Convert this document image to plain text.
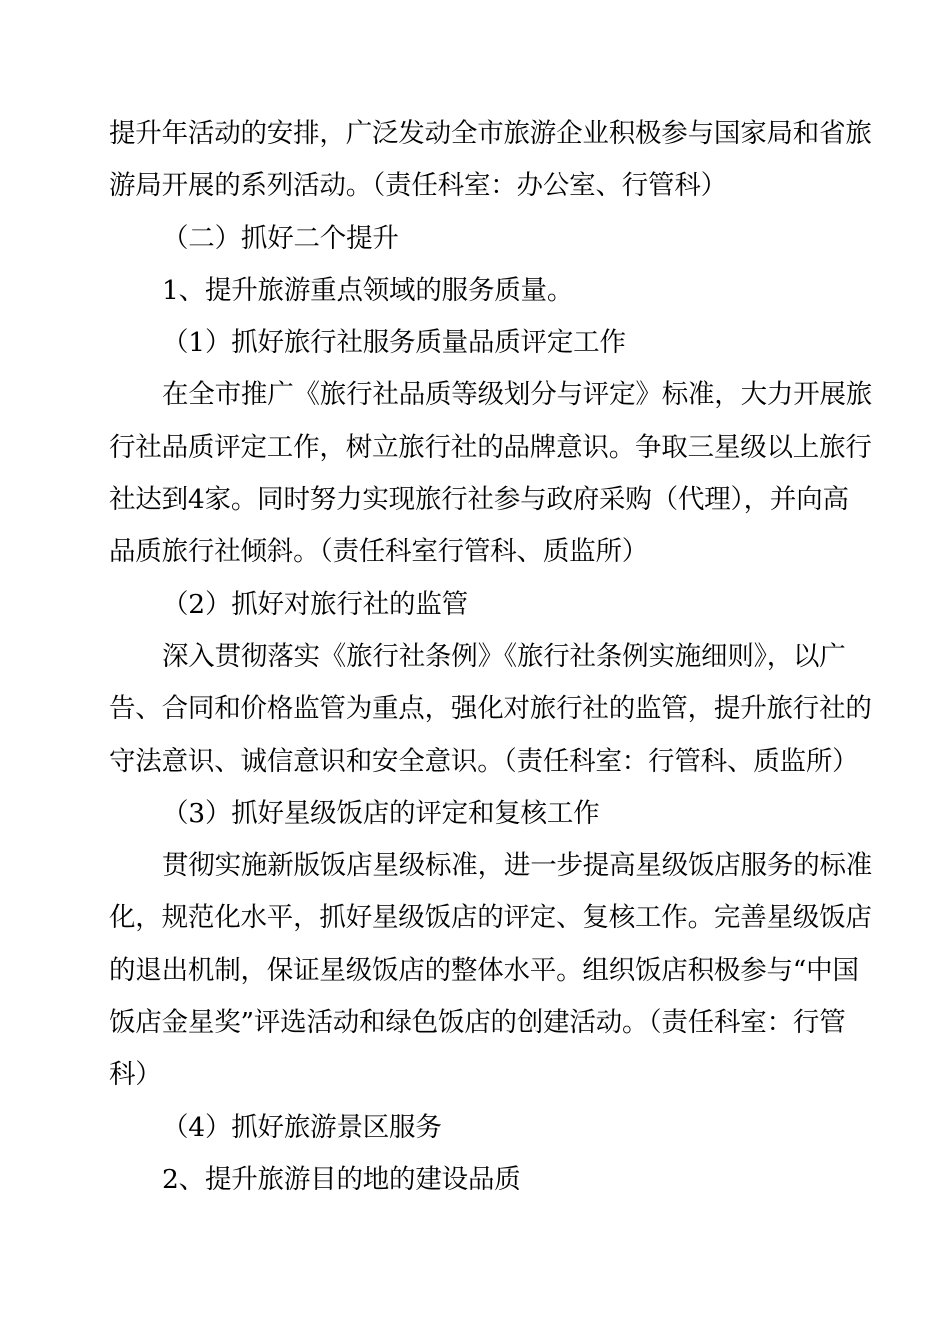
提升年活动的安排，广泛发动全市旅游企业积极参与国家局和省旅
游局开展的系列活动。（责任科室：办公室、行管科）
（二）抓好二个提升
1、提升旅游重点领域的服务质量。
（1）抓好旅行社服务质量品质评定工作
在全市推广《旅行社品质等级划分与评定》标准，大力开展旅
行社品质评定工作，树立旅行社的品牌意识。争取三星级以上旅行
社达到4家。同时努力实现旅行社参与政府采购（代理），并向高
品质旅行社倾斜。（责任科室行管科、质监所）
（2）抓好对旅行社的监管
深入贯彻落实《旅行社条例》《旅行社条例实施细则》，以广
告、合同和价格监管为重点，强化对旅行社的监管，提升旅行社的
守法意识、诚信意识和安全意识。（责任科室：行管科、质监所）
（3）抓好星级饭店的评定和复核工作
贯彻实施新版饭店星级标准，进一步提高星级饭店服务的标准
化，规范化水平，抓好星级饭店的评定、复核工作。完善星级饭店
的退出机制，保证星级饭店的整体水平。组织饭店积极参与“中国
饭店金星奖”评选活动和绿色饭店的创建活动。（责任科室：行管
科）
（4）抓好旅游景区服务
2、提升旅游目的地的建设品质
